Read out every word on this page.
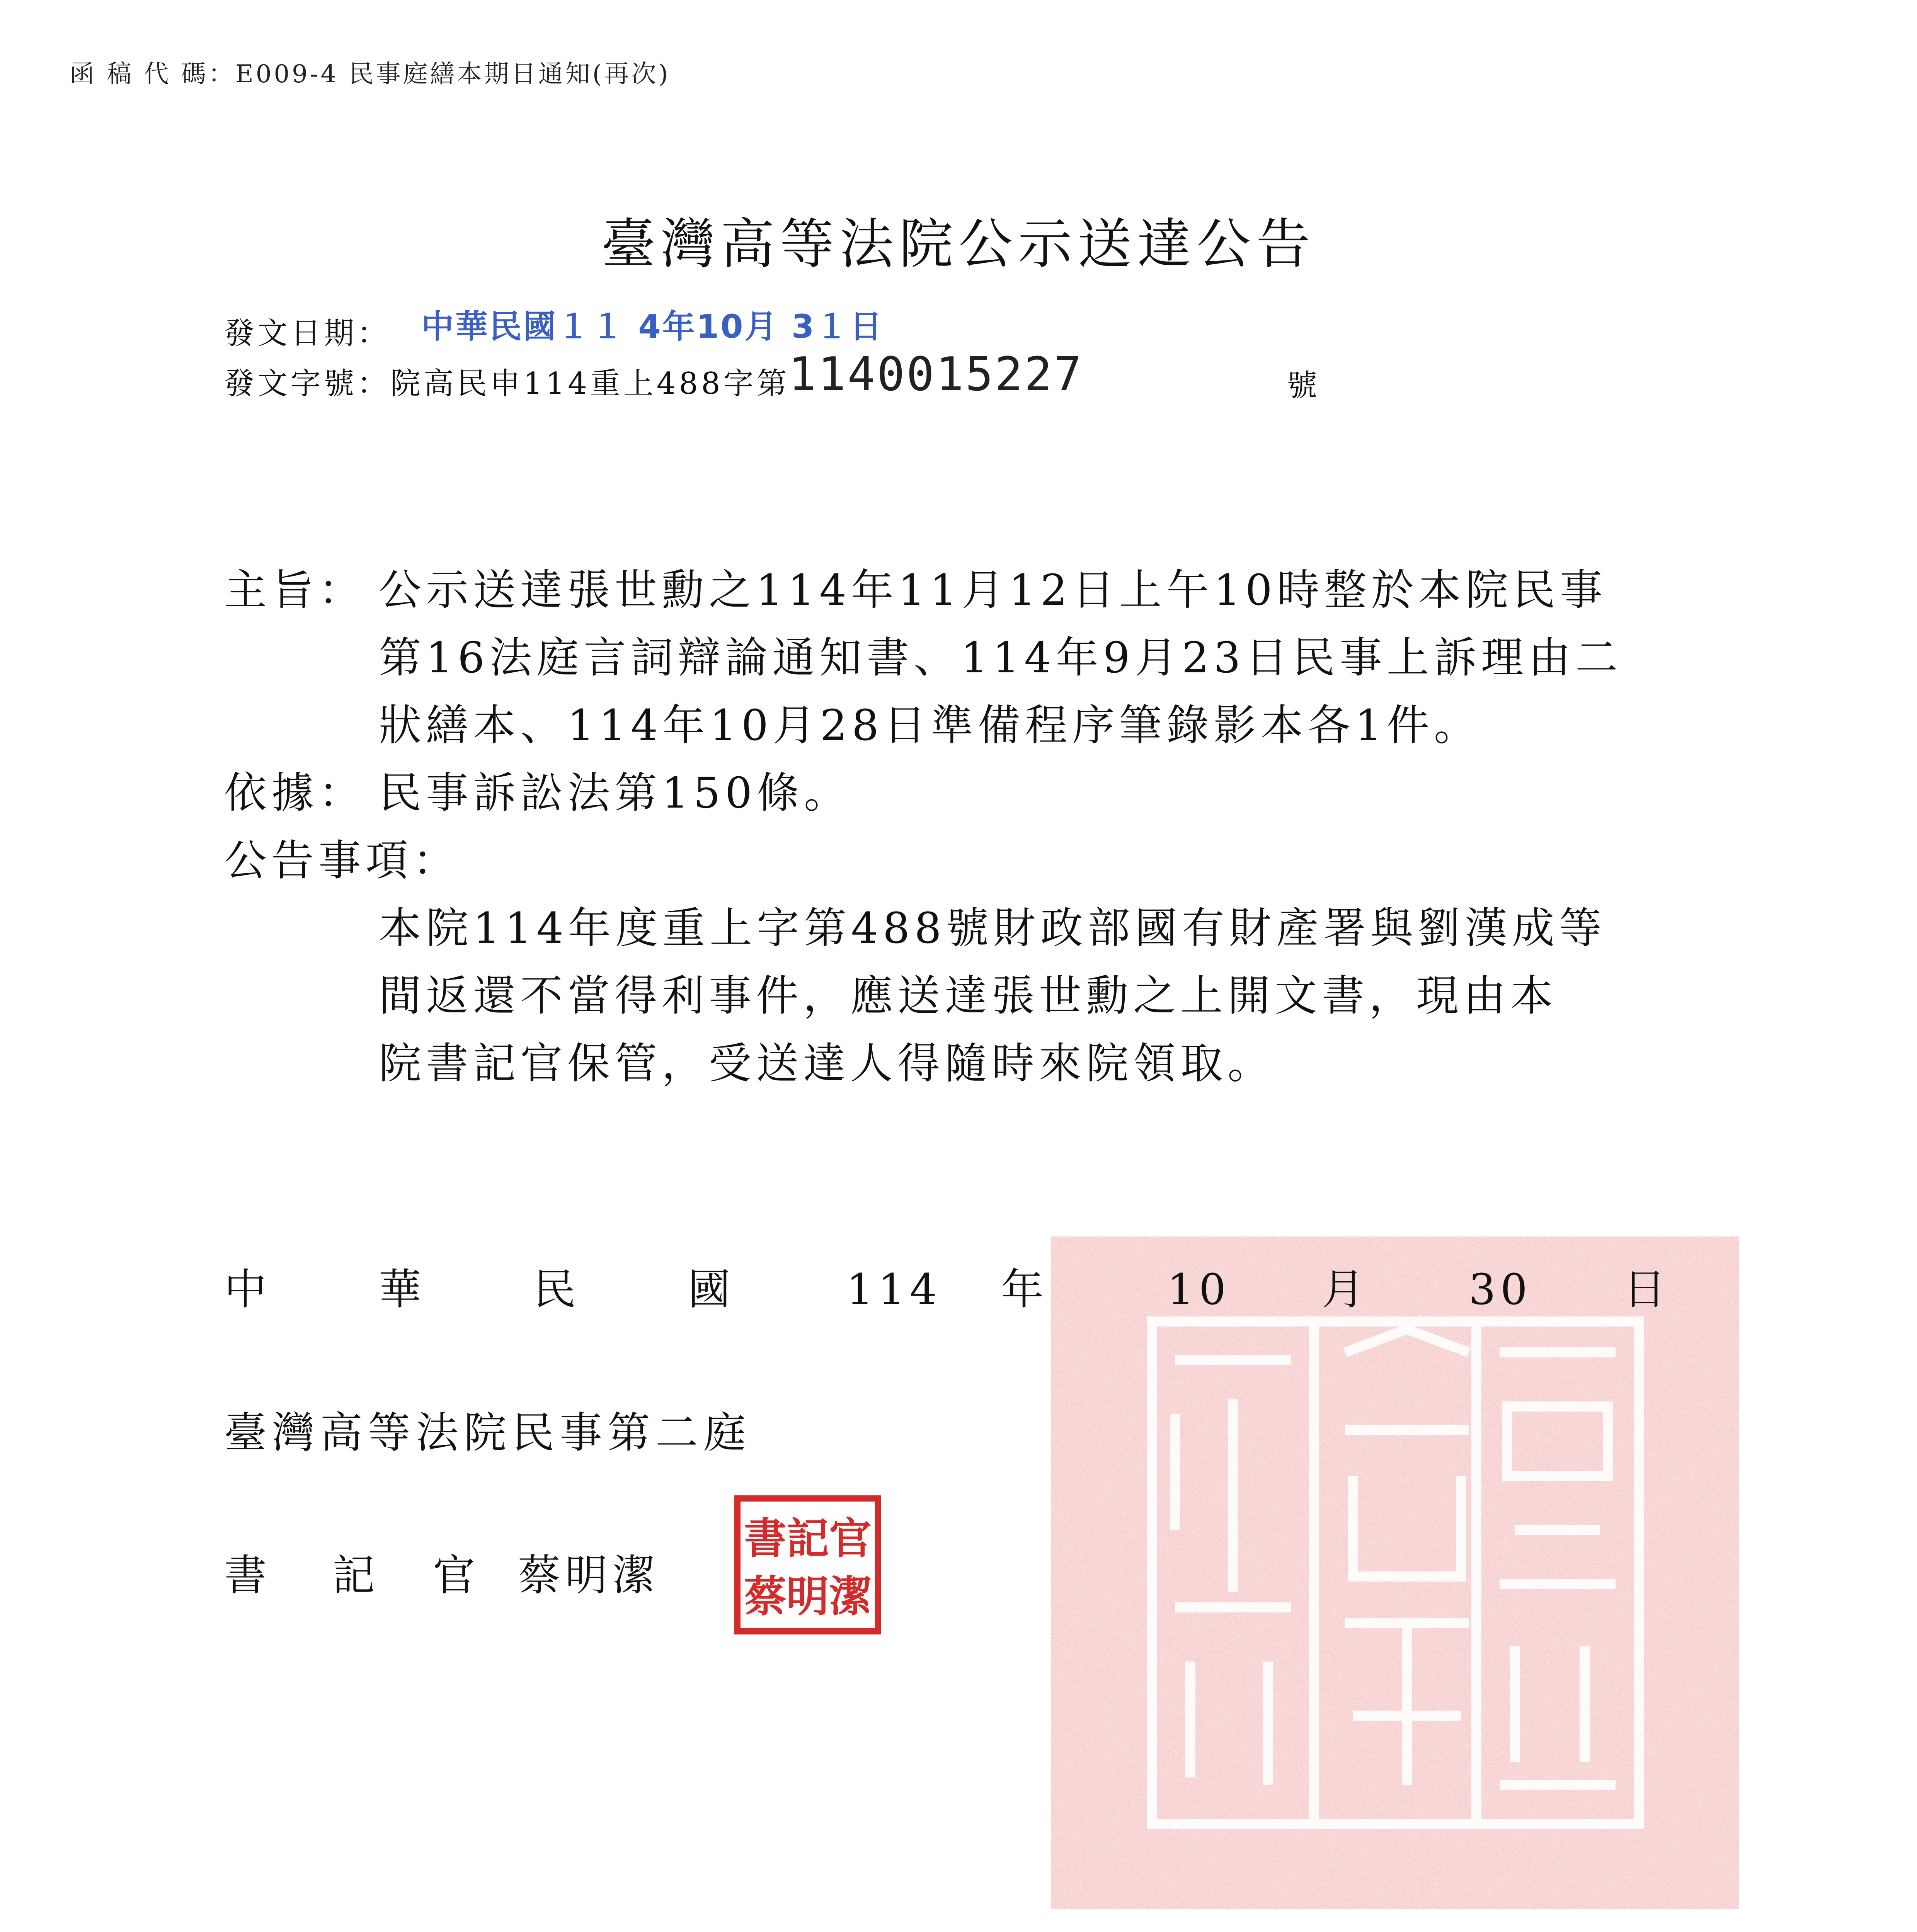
函 稿 代 碼：E009-4 民事庭繕本期日通知(再次)
臺灣高等法院公示送達公告
發文日期： 中華民國１１ 4年10月 3１日
發文字號：院高民申114重上488字第
1140015227	號
主旨： 公示送達張世勳之114年11月12日上午10時整於本院民事
第16法庭言詞辯論通知書、114年9月23日民事上訴理由二
狀繕本、114年10月28日準備程序筆錄影本各1件。
依據： 民事訴訟法第150條。
公告事項：
本院114年度重上字第488號財政部國有財產署與劉漢成等
間返還不當得利事件，應送達張世勳之上開文書，現由本
院書記官保管，受送達人得隨時來院領取。
中	華	民	國	114 年	10 月 30 日
臺灣高等法院民事第二庭
書 記 官 蔡明潔
書記官
蔡明潔
